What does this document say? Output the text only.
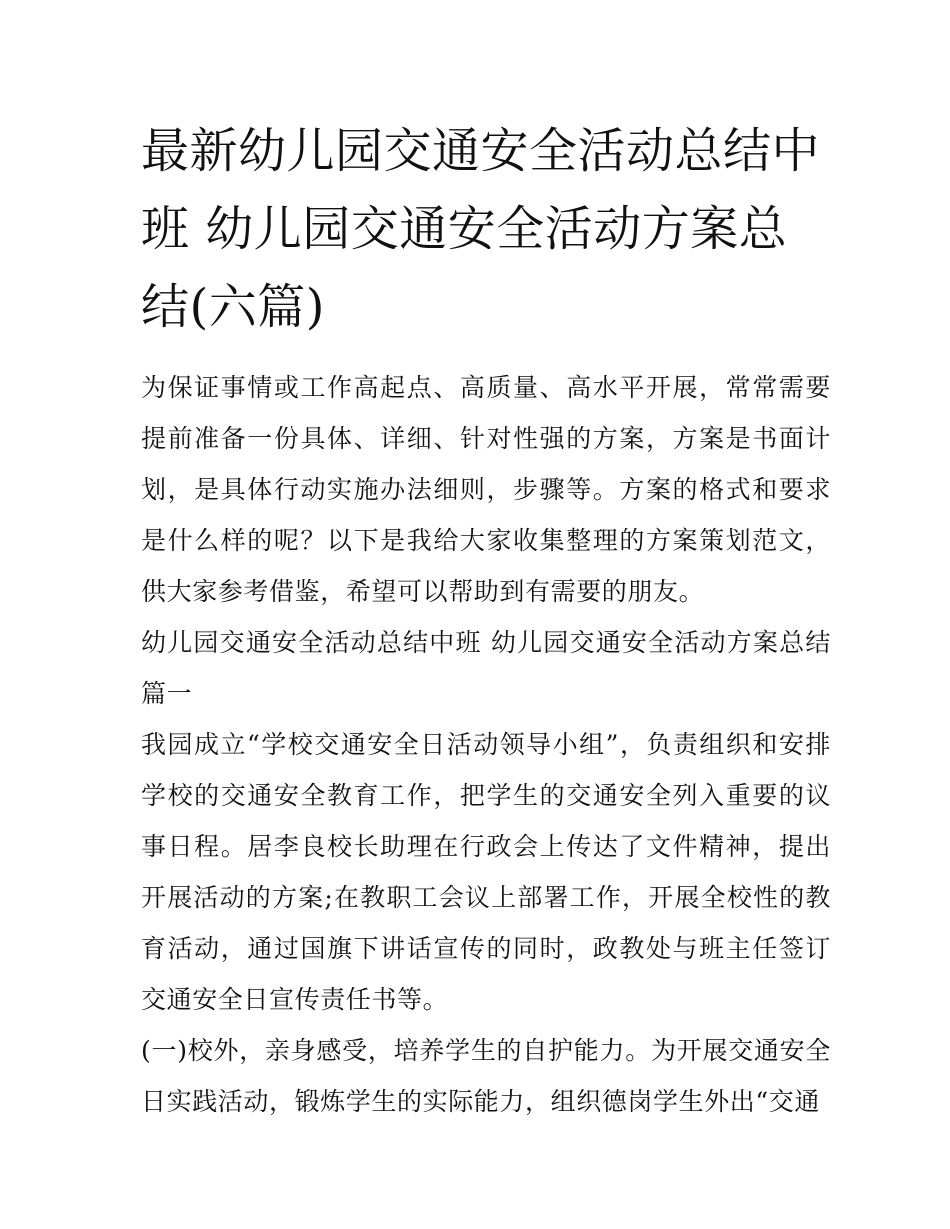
最新幼儿园交通安全活动总结中班 幼儿园交通安全活动方案总结(六篇)

为保证事情或工作高起点、高质量、高水平开展，常常需要提前准备一份具体、详细、针对性强的方案，方案是书面计划，是具体行动实施办法细则，步骤等。方案的格式和要求是什么样的呢？以下是我给大家收集整理的方案策划范文，供大家参考借鉴，希望可以帮助到有需要的朋友。

幼儿园交通安全活动总结中班 幼儿园交通安全活动方案总结篇一

我园成立“学校交通安全日活动领导小组”，负责组织和安排学校的交通安全教育工作，把学生的交通安全列入重要的议事日程。居李良校长助理在行政会上传达了文件精神，提出开展活动的方案;在教职工会议上部署工作，开展全校性的教育活动，通过国旗下讲话宣传的同时，政教处与班主任签订交通安全日宣传责任书等。

(一)校外，亲身感受，培养学生的自护能力。为开展交通安全日实践活动，锻炼学生的实际能力，组织德岗学生外出“交通
